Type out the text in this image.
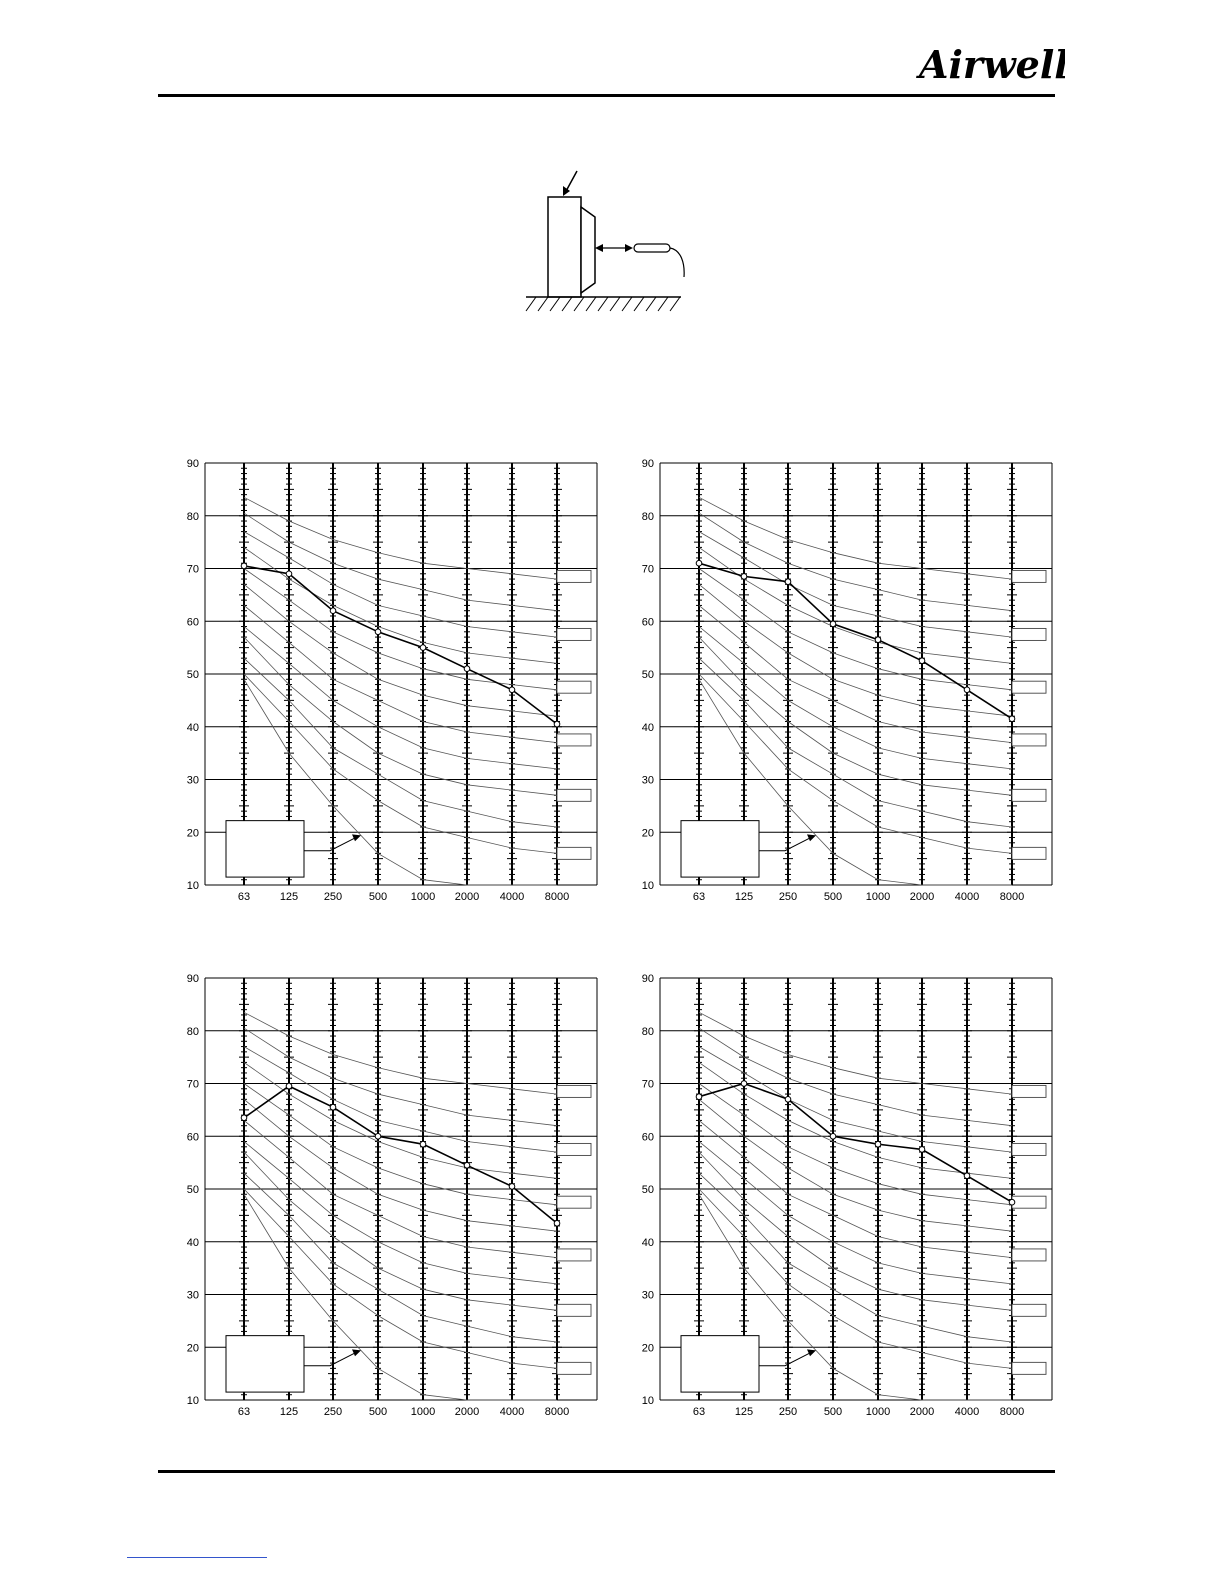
Airwell
10
20
30
40
50
60
70
80
90
63	125 250 500 1000 2000 4000 8000
10
20
30
40
50
60
70
80
90
63	125 250 500 1000 2000 4000 8000
10
20
30
40
50
60
70
80
90
63	125 250 500 1000 2000 4000 8000
10
20
30
40
50
60
70
80
90
63	125 250 500 1000 2000 4000 8000
